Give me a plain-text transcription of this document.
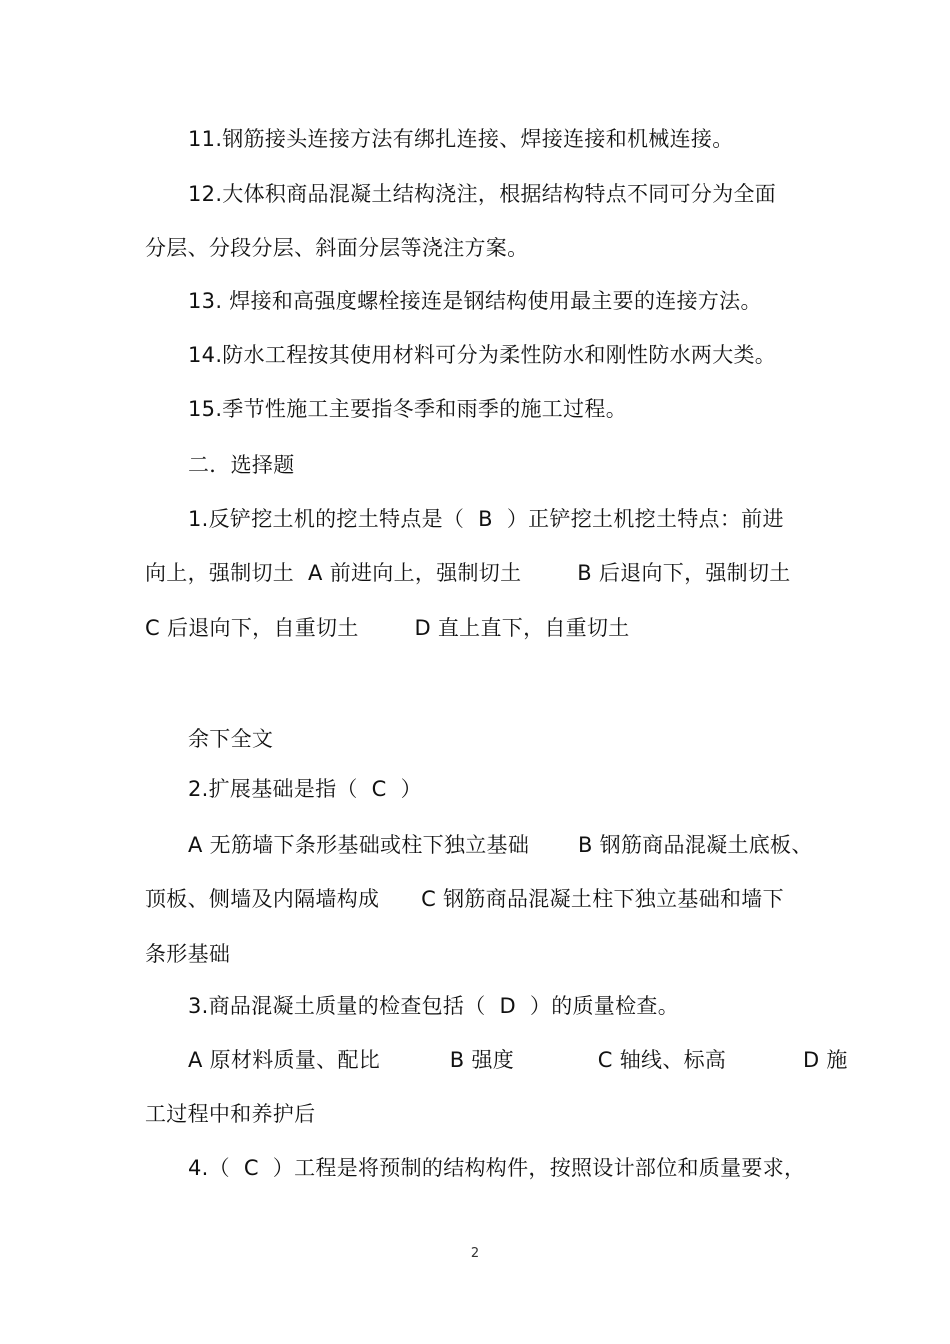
11.钢筋接头连接方法有绑扎连接、焊接连接和机械连接。
12.大体积商品混凝土结构浇注，根据结构特点不同可分为全面
分层、分段分层、斜面分层等浇注方案。
13. 焊接和高强度螺栓接连是钢结构使用最主要的连接方法。
14.防水工程按其使用材料可分为柔性防水和刚性防水两大类。
15.季节性施工主要指冬季和雨季的施工过程。
二．选择题
1.反铲挖土机的挖土特点是（  B  ）正铲挖土机挖土特点：前进
向上，强制切土  A 前进向上，强制切土        B 后退向下，强制切土
C 后退向下，自重切土        D 直上直下，自重切土
余下全文
2.扩展基础是指（  C  ）
A 无筋墙下条形基础或柱下独立基础       B 钢筋商品混凝土底板、
顶板、侧墙及内隔墙构成      C 钢筋商品混凝土柱下独立基础和墙下
条形基础
3.商品混凝土质量的检查包括（  D  ）的质量检查。
A 原材料质量、配比          B 强度            C 轴线、标高           D 施
工过程中和养护后
4.（  C  ）工程是将预制的结构构件，按照设计部位和质量要求，
2
